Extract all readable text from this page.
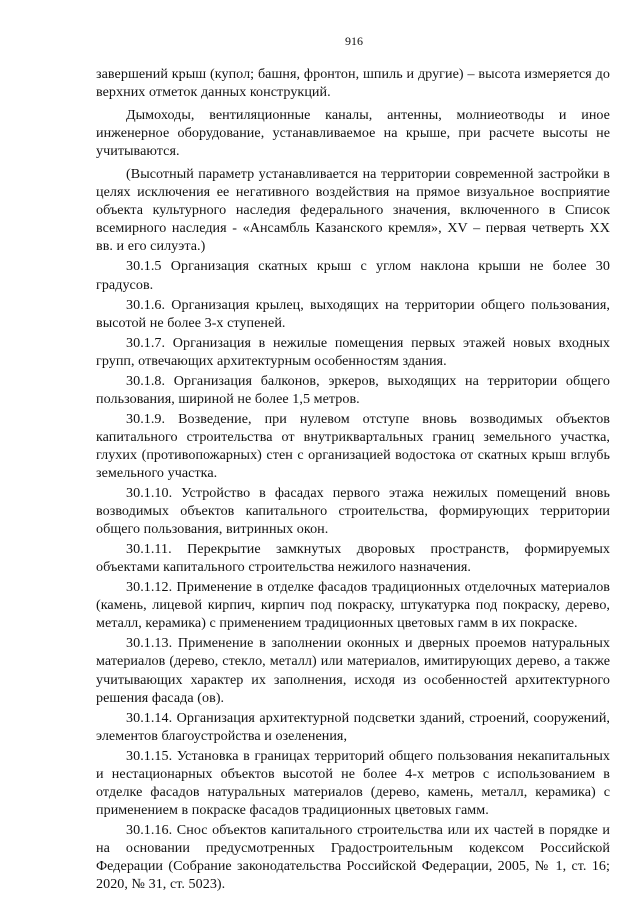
916

завершений крыш (купол; башня, фронтон, шпиль и другие) – высота измеряется до верхних отметок данных конструкций.

Дымоходы, вентиляционные каналы, антенны, молниеотводы и иное инженерное оборудование, устанавливаемое на крыше, при расчете высоты не учитываются.

(Высотный параметр устанавливается на территории современной застройки в целях исключения ее негативного воздействия на прямое визуальное восприятие объекта культурного наследия федерального значения, включенного в Список всемирного наследия - «Ансамбль Казанского кремля», XV – первая четверть XX вв. и его силуэта.)

30.1.5 Организация скатных крыш с углом наклона крыши не более 30 градусов.

30.1.6. Организация крылец, выходящих на территории общего пользования, высотой не более 3-х ступеней.

30.1.7. Организация в нежилые помещения первых этажей новых входных групп, отвечающих архитектурным особенностям здания.

30.1.8. Организация балконов, эркеров, выходящих на территории общего пользования, шириной не более 1,5 метров.

30.1.9. Возведение, при нулевом отступе вновь возводимых объектов капитального строительства от внутриквартальных границ земельного участка, глухих (противопожарных) стен с организацией водостока от скатных крыш вглубь земельного участка.

30.1.10. Устройство в фасадах первого этажа нежилых помещений вновь возводимых объектов капитального строительства, формирующих территории общего пользования, витринных окон.

30.1.11. Перекрытие замкнутых дворовых пространств, формируемых объектами капитального строительства нежилого назначения.

30.1.12. Применение в отделке фасадов традиционных отделочных материалов (камень, лицевой кирпич, кирпич под покраску, штукатурка под покраску, дерево, металл, керамика) с применением традиционных цветовых гамм в их покраске.

30.1.13. Применение в заполнении оконных и дверных проемов натуральных материалов (дерево, стекло, металл) или материалов, имитирующих дерево, а также учитывающих характер их заполнения, исходя из особенностей архитектурного решения фасада (ов).

30.1.14. Организация архитектурной подсветки зданий, строений, сооружений, элементов благоустройства и озеленения,

30.1.15. Установка в границах территорий общего пользования некапитальных и нестационарных объектов высотой не более 4-х метров с использованием в отделке фасадов натуральных материалов (дерево, камень, металл, керамика) с применением в покраске фасадов традиционных цветовых гамм.

30.1.16. Снос объектов капитального строительства или их частей в порядке и на основании предусмотренных Градостроительным кодексом Российской Федерации (Собрание законодательства Российской Федерации, 2005, № 1, ст. 16; 2020, № 31, ст. 5023).
